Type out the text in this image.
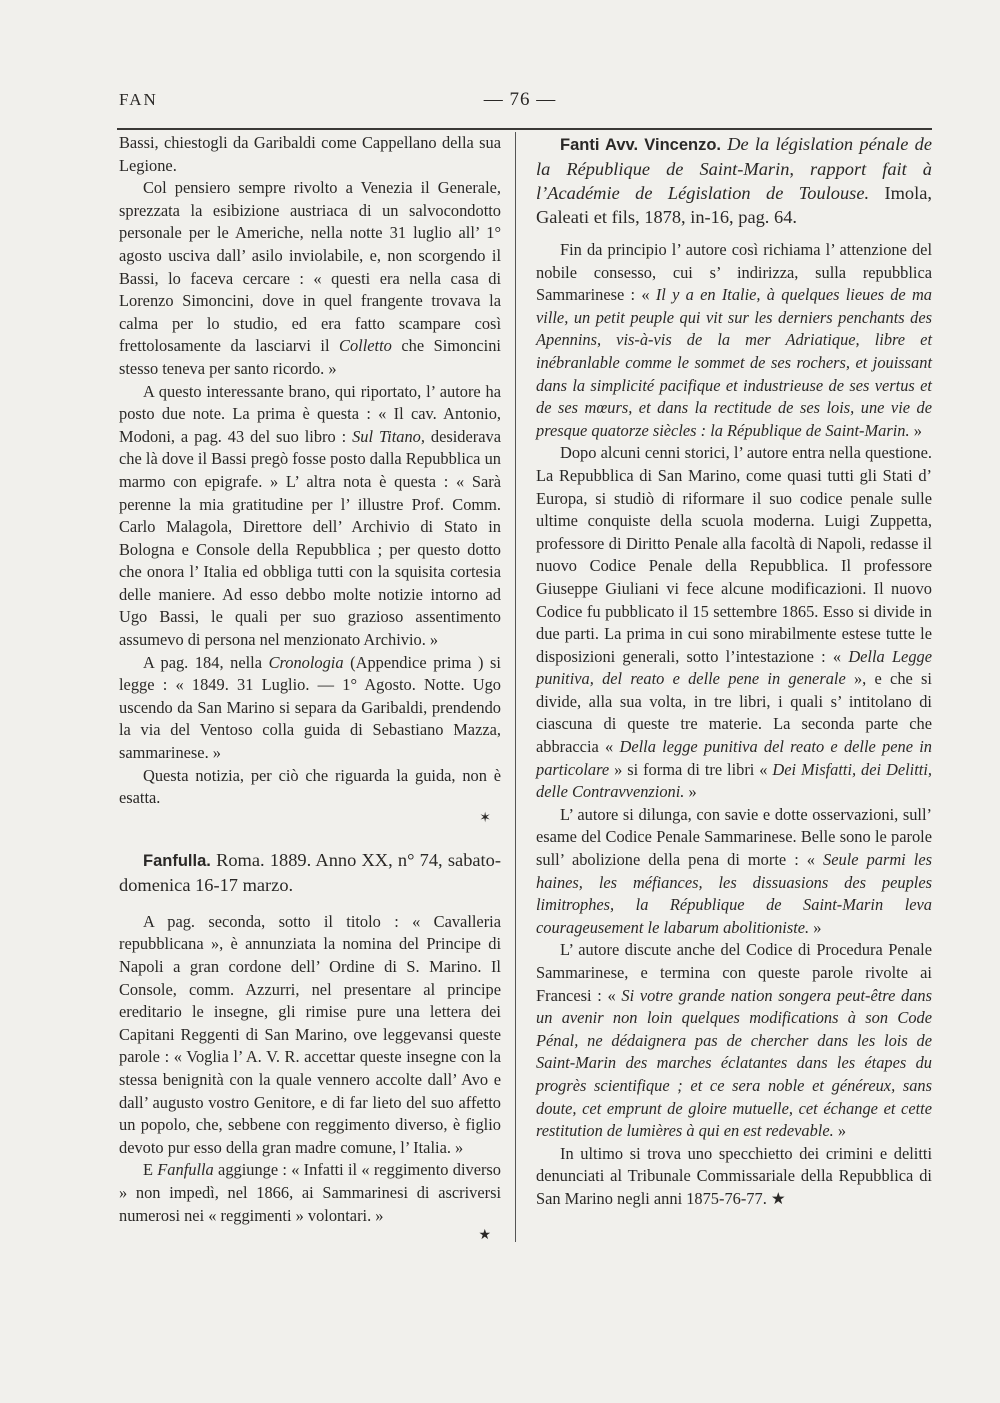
FAN	— 76 —

Bassi, chiestogli da Garibaldi come Cappellano della sua Legione.

Col pensiero sempre rivolto a Venezia il Generale, sprezzata la esibizione austriaca di un salvocondotto personale per le Americhe, nella notte 31 luglio all’ 1° agosto usciva dall’ asilo inviolabile, e, non scorgendo il Bassi, lo faceva cercare : « questi era nella casa di Lorenzo Simoncini, dove in quel frangente trovava la calma per lo studio, ed era fatto scampare così frettolosamente da lasciarvi il Colletto che Simoncini stesso teneva per santo ricordo. »

A questo interessante brano, qui riportato, l’ autore ha posto due note. La prima è questa : « Il cav. Antonio, Modoni, a pag. 43 del suo libro : Sul Titano, desiderava che là dove il Bassi pregò fosse posto dalla Repubblica un marmo con epigrafe. » L’ altra nota è questa : « Sarà perenne la mia gratitudine per l’ illustre Prof. Comm. Carlo Malagola, Direttore dell’ Archivio di Stato in Bologna e Console della Repubblica ; per questo dotto che onora l’ Italia ed obbliga tutti con la squisita cortesia delle maniere. Ad esso debbo molte notizie intorno ad Ugo Bassi, le quali per suo grazioso assentimento assumevo di persona nel menzionato Archivio. »

A pag. 184, nella Cronologia (Appendice prima ) si legge : « 1849. 31 Luglio. — 1° Agosto. Notte. Ugo uscendo da San Marino si separa da Garibaldi, prendendo la via del Ventoso colla guida di Sebastiano Mazza, sammarinese. »

Questa notizia, per ciò che riguarda la guida, non è esatta.

✶

Fanfulla. Roma. 1889. Anno XX, n° 74, sabato-domenica 16-17 marzo.

A pag. seconda, sotto il titolo : « Cavalleria repubblicana », è annunziata la nomina del Principe di Napoli a gran cordone dell’ Ordine di S. Marino. Il Console, comm. Azzurri, nel presentare al principe ereditario le insegne, gli rimise pure una lettera dei Capitani Reggenti di San Marino, ove leggevansi queste parole : « Voglia l’ A. V. R. accettar queste insegne con la stessa benignità con la quale vennero accolte dall’ Avo e dall’ augusto vostro Genitore, e di far lieto del suo affetto un popolo, che, sebbene con reggimento diverso, è figlio devoto pur esso della gran madre comune, l’ Italia. »

E Fanfulla aggiunge : « Infatti il « reggimento diverso » non impedì, nel 1866, ai Sammarinesi di ascriversi numerosi nei « reggimenti » volontari. »

★

Fanti Avv. Vincenzo. De la législation pénale de la République de Saint-Marin, rapport fait à l’Académie de Législation de Toulouse. Imola, Galeati et fils, 1878, in-16, pag. 64.

Fin da principio l’ autore così richiama l’ attenzione del nobile consesso, cui s’ indirizza, sulla repubblica Sammarinese : « Il y a en Italie, à quelques lieues de ma ville, un petit peuple qui vit sur les derniers penchants des Apennins, vis-à-vis de la mer Adriatique, libre et inébranlable comme le sommet de ses rochers, et jouissant dans la simplicité pacifique et industrieuse de ses vertus et de ses mœurs, et dans la rectitude de ses lois, une vie de presque quatorze siècles : la République de Saint-Marin. »

Dopo alcuni cenni storici, l’ autore entra nella questione. La Repubblica di San Marino, come quasi tutti gli Stati d’ Europa, si studiò di riformare il suo codice penale sulle ultime conquiste della scuola moderna. Luigi Zuppetta, professore di Diritto Penale alla facoltà di Napoli, redasse il nuovo Codice Penale della Repubblica. Il professore Giuseppe Giuliani vi fece alcune modificazioni. Il nuovo Codice fu pubblicato il 15 settembre 1865. Esso si divide in due parti. La prima in cui sono mirabilmente estese tutte le disposizioni generali, sotto l’intestazione : « Della Legge punitiva, del reato e delle pene in generale », e che si divide, alla sua volta, in tre libri, i quali s’ intitolano di ciascuna di queste tre materie. La seconda parte che abbraccia « Della legge punitiva del reato e delle pene in particolare » si forma di tre libri « Dei Misfatti, dei Delitti, delle Contravvenzioni. »

L’ autore si dilunga, con savie e dotte osservazioni, sull’ esame del Codice Penale Sammarinese. Belle sono le parole sull’ abolizione della pena di morte : « Seule parmi les haines, les méfiances, les dissuasions des peuples limitrophes, la République de Saint-Marin leva courageusement le labarum abolitioniste. »

L’ autore discute anche del Codice di Procedura Penale Sammarinese, e termina con queste parole rivolte ai Francesi : « Si votre grande nation songera peut-être dans un avenir non loin quelques modifications à son Code Pénal, ne dédaignera pas de chercher dans les lois de Saint-Marin des marches éclatantes dans les étapes du progrès scientifique ; et ce sera noble et généreux, sans doute, cet emprunt de gloire mutuelle, cet échange et cette restitution de lumières à qui en est redevable. »

In ultimo si trova uno specchietto dei crimini e delitti denunciati al Tribunale Commissariale della Repubblica di San Marino negli anni 1875-76-77. ★
